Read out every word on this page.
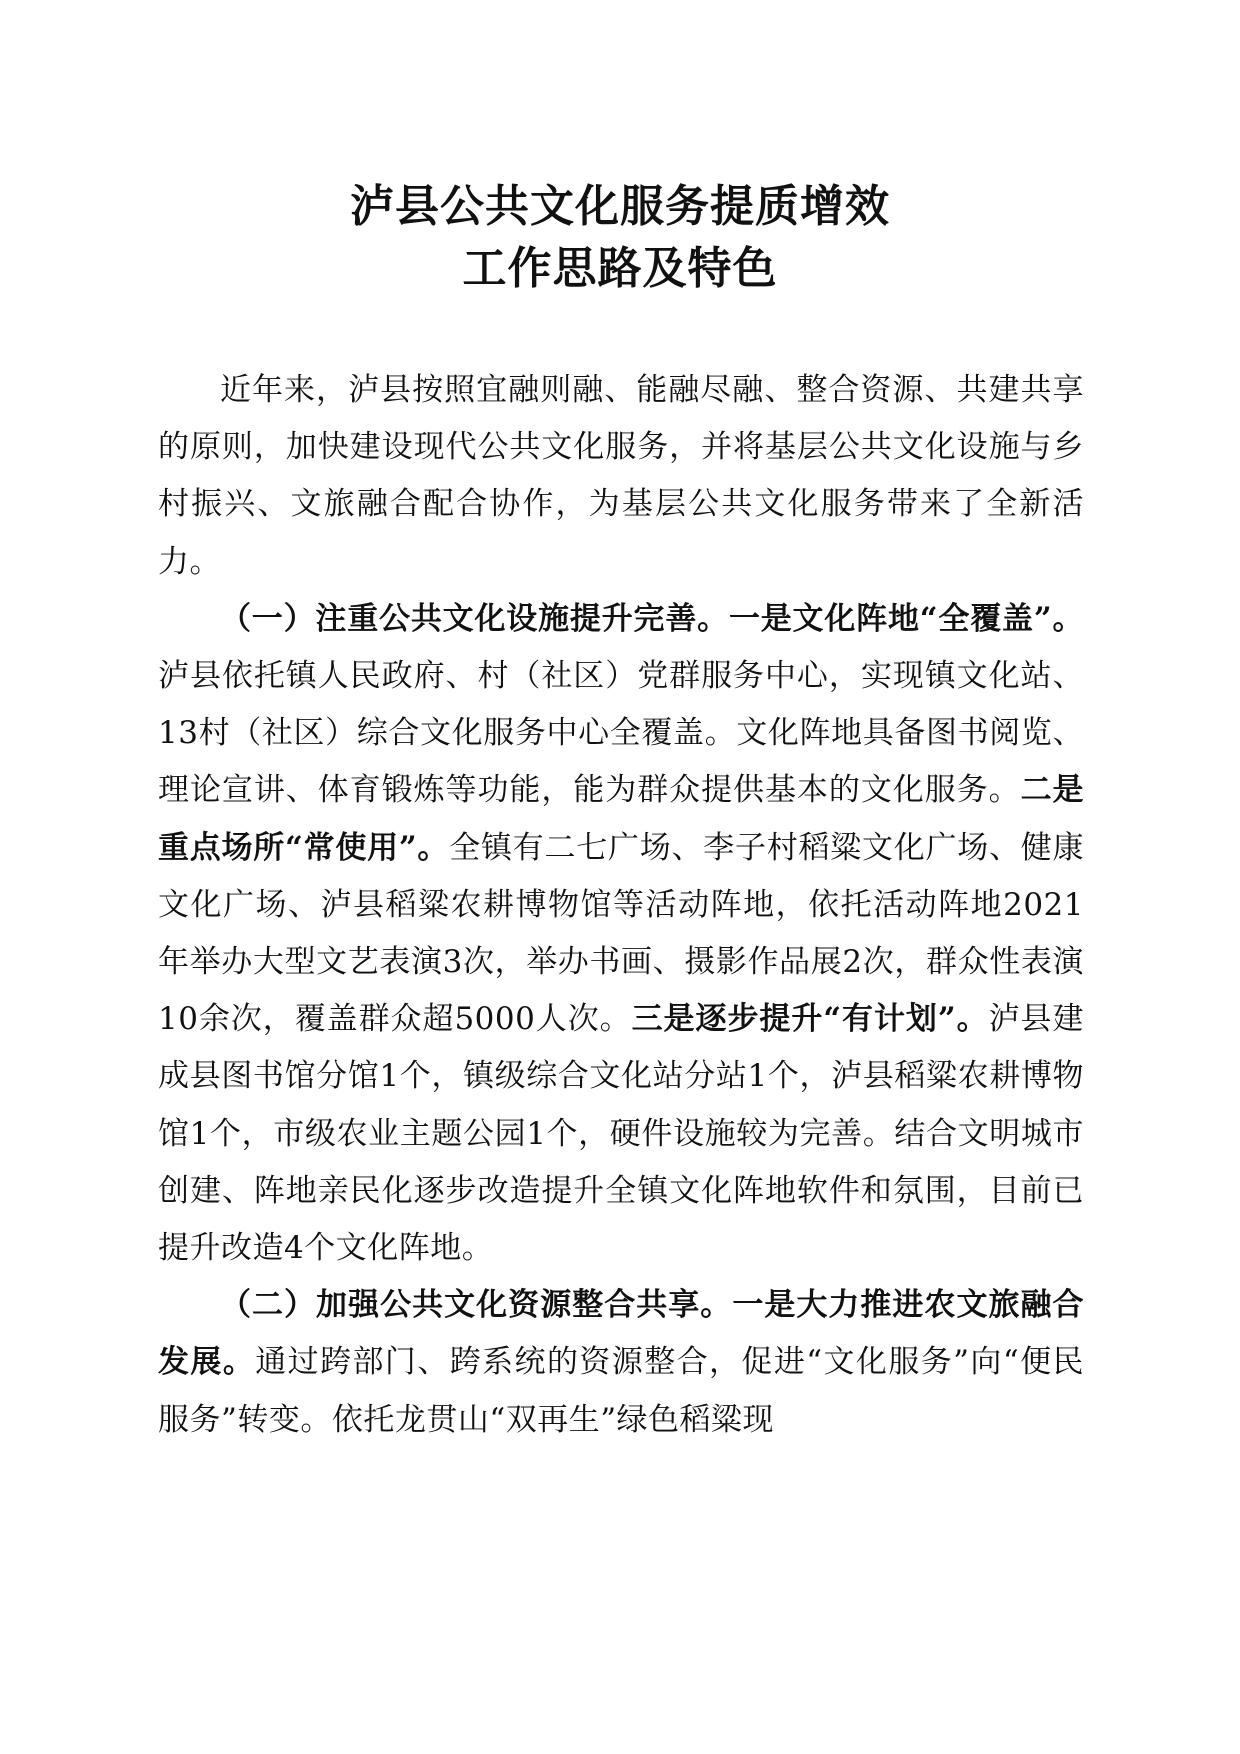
泸县公共文化服务提质增效
工作思路及特色

近年来，泸县按照宜融则融、能融尽融、整合资源、共建共享的原则，加快建设现代公共文化服务，并将基层公共文化设施与乡村振兴、文旅融合配合协作，为基层公共文化服务带来了全新活力。

（一）注重公共文化设施提升完善。一是文化阵地“全覆盖”。泸县依托镇人民政府、村（社区）党群服务中心，实现镇文化站、13村（社区）综合文化服务中心全覆盖。文化阵地具备图书阅览、理论宣讲、体育锻炼等功能，能为群众提供基本的文化服务。二是重点场所“常使用”。全镇有二七广场、李子村稻粱文化广场、健康文化广场、泸县稻粱农耕博物馆等活动阵地，依托活动阵地2021年举办大型文艺表演3次，举办书画、摄影作品展2次，群众性表演10余次，覆盖群众超5000人次。三是逐步提升“有计划”。泸县建成县图书馆分馆1个，镇级综合文化站分站1个，泸县稻粱农耕博物馆1个，市级农业主题公园1个，硬件设施较为完善。结合文明城市创建、阵地亲民化逐步改造提升全镇文化阵地软件和氛围，目前已提升改造4个文化阵地。

（二）加强公共文化资源整合共享。一是大力推进农文旅融合发展。通过跨部门、跨系统的资源整合，促进“文化服务”向“便民服务”转变。依托龙贯山“双再生”绿色稻粱现
